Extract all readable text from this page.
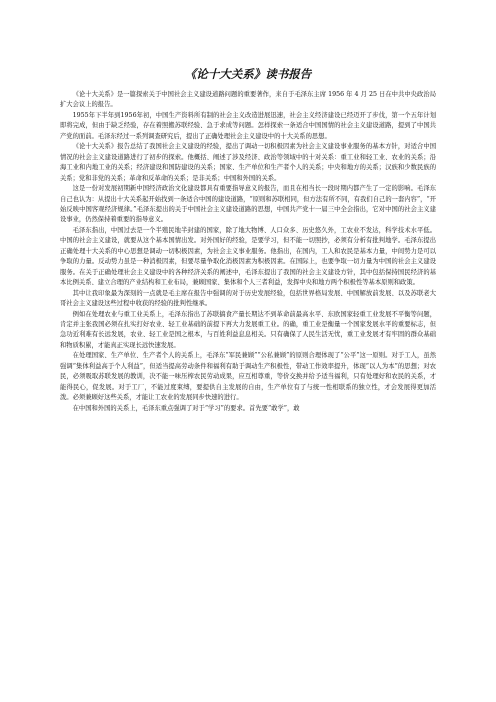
《论十大关系》读书报告

《论十大关系》是一篇探索关于中国社会主义建设道路问题的重要著作，来自于毛泽东主席 1956 年 4 月 25 日在中共中央政治局扩大会议上的报告。

1955年下半年到1956年初，中国生产资料所有制的社会主义改造进展迅速，社会主义经济建设已经迈开了步伐，第一个五年计划即将完成，但由于缺乏经验，存在着照搬苏联经验、急于求成等问题。怎样探索一条适合中国国情的社会主义建设道路，提到了中国共产党的面前。毛泽东经过一系列调查研究后，提出了正确处理社会主义建设中的十大关系的思想。

《论十大关系》报告总结了我国社会主义建设的经验，提出了调动一切积极因素为社会主义建设事业服务的基本方针，对适合中国情况的社会主义建设道路进行了初步的探索。他概括、阐述了涉及经济、政治等领域中的十对关系：重工业和轻工业、农业的关系；沿海工业和内地工业的关系；经济建设和国防建设的关系；国家、生产单位和生产者个人的关系；中央和地方的关系；汉族和少数民族的关系；党和非党的关系；革命和反革命的关系；是非关系；中国和外国的关系。

这是一份对发展初期新中国经济政治文化建设都具有重要指导意义的报告，而且在相当长一段时期内都产生了一定的影响。毛泽东自己也认为：从提出十大关系起开始找到一条适合中国的建设道路，“原则和苏联相同，但方法有所不同，有我们自己的一套内容”，“开始反映中国客观经济规律。”毛泽东提出的关于中国社会主义建设道路的思想，中国共产党十一届三中全会指出，它对中国的社会主义建设事业，仍然保持着重要的指导意义。

毛泽东指出，中国过去是一个半殖民地半封建的国家，除了地大物博、人口众多、历史悠久外，工农业不发达，科学技术水平低。中国的社会主义建设，就要从这个基本国情出发。对外国好的经验，是要学习，但不能一切照抄，必须有分析有批判地学。毛泽东提出正确处理十大关系的中心思想是调动一切积极因素，为社会主义事业服务。他指出，在国内，工人和农民是基本力量，中间势力是可以争取的力量。反动势力虽是一种消极因素，但要尽量争取化消极因素为积极因素。在国际上，也要争取一切力量为中国的社会主义建设服务。在关于正确处理社会主义建设中的各种经济关系的阐述中，毛泽东提出了我国的社会主义建设方针，其中包括保持国民经济的基本比例关系、建立合理的产业结构和工业布局，兼顾国家、集体和个人三者利益，发挥中央和地方两个积极性等基本原则和政策。

其中让我印象最为深刻的一点就是毛主席在报告中强调的对于历史发展经验，包括世界格局发展、中国解放前发展、以及苏联老大哥社会主义建设这些过程中收获的经验的批判性继承。

例如在处理农业与重工业关系上，毛泽东指出了苏联搞食产量长期达不到革命前最高水平、东欧国家轻重工业发展不平衡等问题，肯定并主张我国必须在扎实打好农业、轻工业基础的前提下再大力发展重工业。的确，重工业是衡量一个国家发展水平的重要标志，但急功近利难有长远发展，农业、轻工业是国之根本，与百姓利益息息相关。只有确保了人民生活无忧，重工业发展才有牢固的群众基础和物质积累，才能真正实现长远快速发展。

在处理国家、生产单位、生产者个人的关系上，毛泽东“军民兼顾”“公私兼顾”的原则合理体现了“公平”这一原则。对于工人，虽然强调“集体利益高于个人利益”，但适当提高劳动条件和福利有助于调动生产积极性，带动工作效率提升，体现“以人为本”的思想；对农民，必须吸取苏联发展的教训，决不能一味压榨农民劳动成果，应互相尊重，等价交换并给予适当福利，只有处理好和农民的关系，才能得民心，促发展。对于工厂，不能过度束缚，要提供自主发展的自由，生产单位有了与统一性相联系的独立性，才会发展得更加活泼。必须兼顾好这些关系，才能让工农业的发展同步快速的进行。

在中国和外国的关系上，毛泽东重点强调了对于“学习”的要求。首先要“敢学”，敢
